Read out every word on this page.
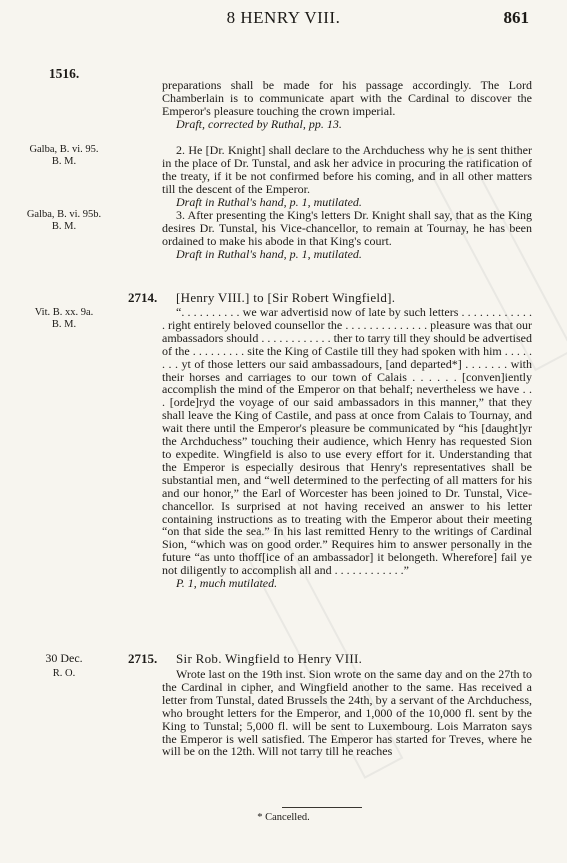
8 HENRY VIII.	861
1516.

preparations shall be made for his passage accordingly. The Lord Chamberlain is to communicate apart with the Cardinal to discover the Emperor's pleasure touching the crown imperial.

Draft, corrected by Ruthal, pp. 13.

Galba, B. vi. 95.
B. M.

2. He [Dr. Knight] shall declare to the Archduchess why he is sent thither in the place of Dr. Tunstal, and ask her advice in procuring the ratification of the treaty, if it be not confirmed before his coming, and in all other matters till the descent of the Emperor.

Draft in Ruthal's hand, p. 1, mutilated.

Galba, B. vi. 95b.
B. M.

3. After presenting the King's letters Dr. Knight shall say, that as the King desires Dr. Tunstal, his Vice-chancellor, to remain at Tournay, he has been ordained to make his abode in that King's court.

Draft in Ruthal's hand, p. 1, mutilated.

2714. [Henry VIII.] to [Sir Robert Wingfield].
Vit. B. xx. 9a.
B. M.

“. . . . . . . . . . we war advertisid now of late by such letters . . . . . . . . . . . . . right entirely beloved counsellor the . . . . . . . . . . . . . . pleasure was that our ambassadors should . . . . . . . . . . . . ther to tarry till they should be advertised of the . . . . . . . . . site the King of Castile till they had spoken with him . . . . . . . . yt of those letters our said ambassadours, [and departed*] . . . . . . . with their horses and carriages to our town of Calais . . . . . . [conven]iently accomplish the mind of the Emperor on that behalf; nevertheless we have . . . [orde]ryd the voyage of our said ambassadors in this manner,” that they shall leave the King of Castile, and pass at once from Calais to Tournay, and wait there until the Emperor's pleasure be communicated by “his [daught]yr the Archduchess” touching their audience, which Henry has requested Sion to expedite. Wingfield is also to use every effort for it. Understanding that the Emperor is especially desirous that Henry's representatives shall be substantial men, and “well determined to the perfecting of all matters for his and our honor,” the Earl of Worcester has been joined to Dr. Tunstal, Vice-chancellor. Is surprised at not having received an answer to his letter containing instructions as to treating with the Emperor about their meeting “on that side the sea.” In his last remitted Henry to the writings of Cardinal Sion, “which was on good order.” Requires him to answer personally in the future “as unto thoff[ice of an ambassador] it belongeth. Wherefore] fail ye not diligently to accomplish all and . . . . . . . . . . . .”

P. 1, much mutilated.

30 Dec.	2715. Sir Rob. Wingfield to Henry VIII.
R. O.	Wrote last on the 19th inst. Sion wrote on the same day and on the 27th to the Cardinal in cipher, and Wingfield another to the same. Has received a letter from Tunstal, dated Brussels the 24th, by a servant of the Archduchess, who brought letters for the Emperor, and 1,000 of the 10,000 fl. sent by the King to Tunstal; 5,000 fl. will be sent to Luxembourg. Lois Marraton says the Emperor is well satisfied. The Emperor has started for Treves, where he will be on the 12th. Will not tarry till he reaches

* Cancelled.
